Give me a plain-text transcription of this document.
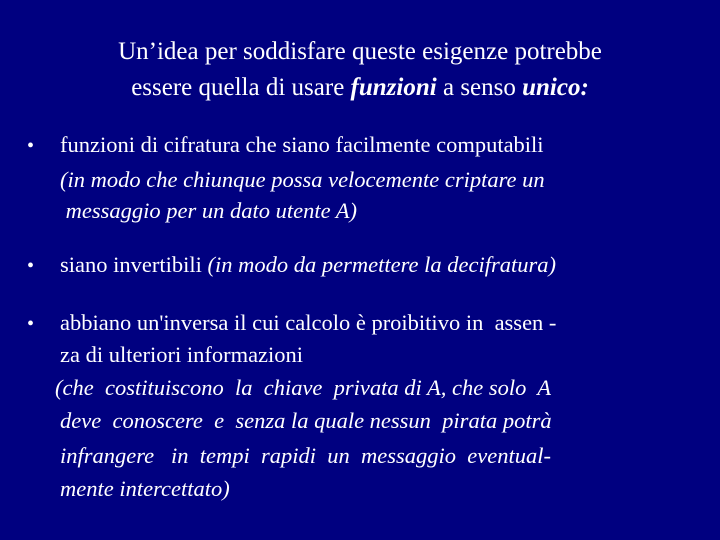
Un’idea per soddisfare queste esigenze potrebbe
essere quella di usare funzioni a senso unico:
• funzioni di cifratura che siano facilmente computabili
(in modo che chiunque possa velocemente criptare un
messaggio per un dato utente A)
• siano invertibili (in modo da permettere la decifratura)
• abbiano un'inversa il cui calcolo è proibitivo in  assen -
za di ulteriori informazioni
(che  costituiscono  la  chiave  privata di A, che solo  A
deve  conoscere  e  senza la quale nessun  pirata potrà
infrangere   in  tempi  rapidi  un  messaggio  eventual-
mente intercettato)
